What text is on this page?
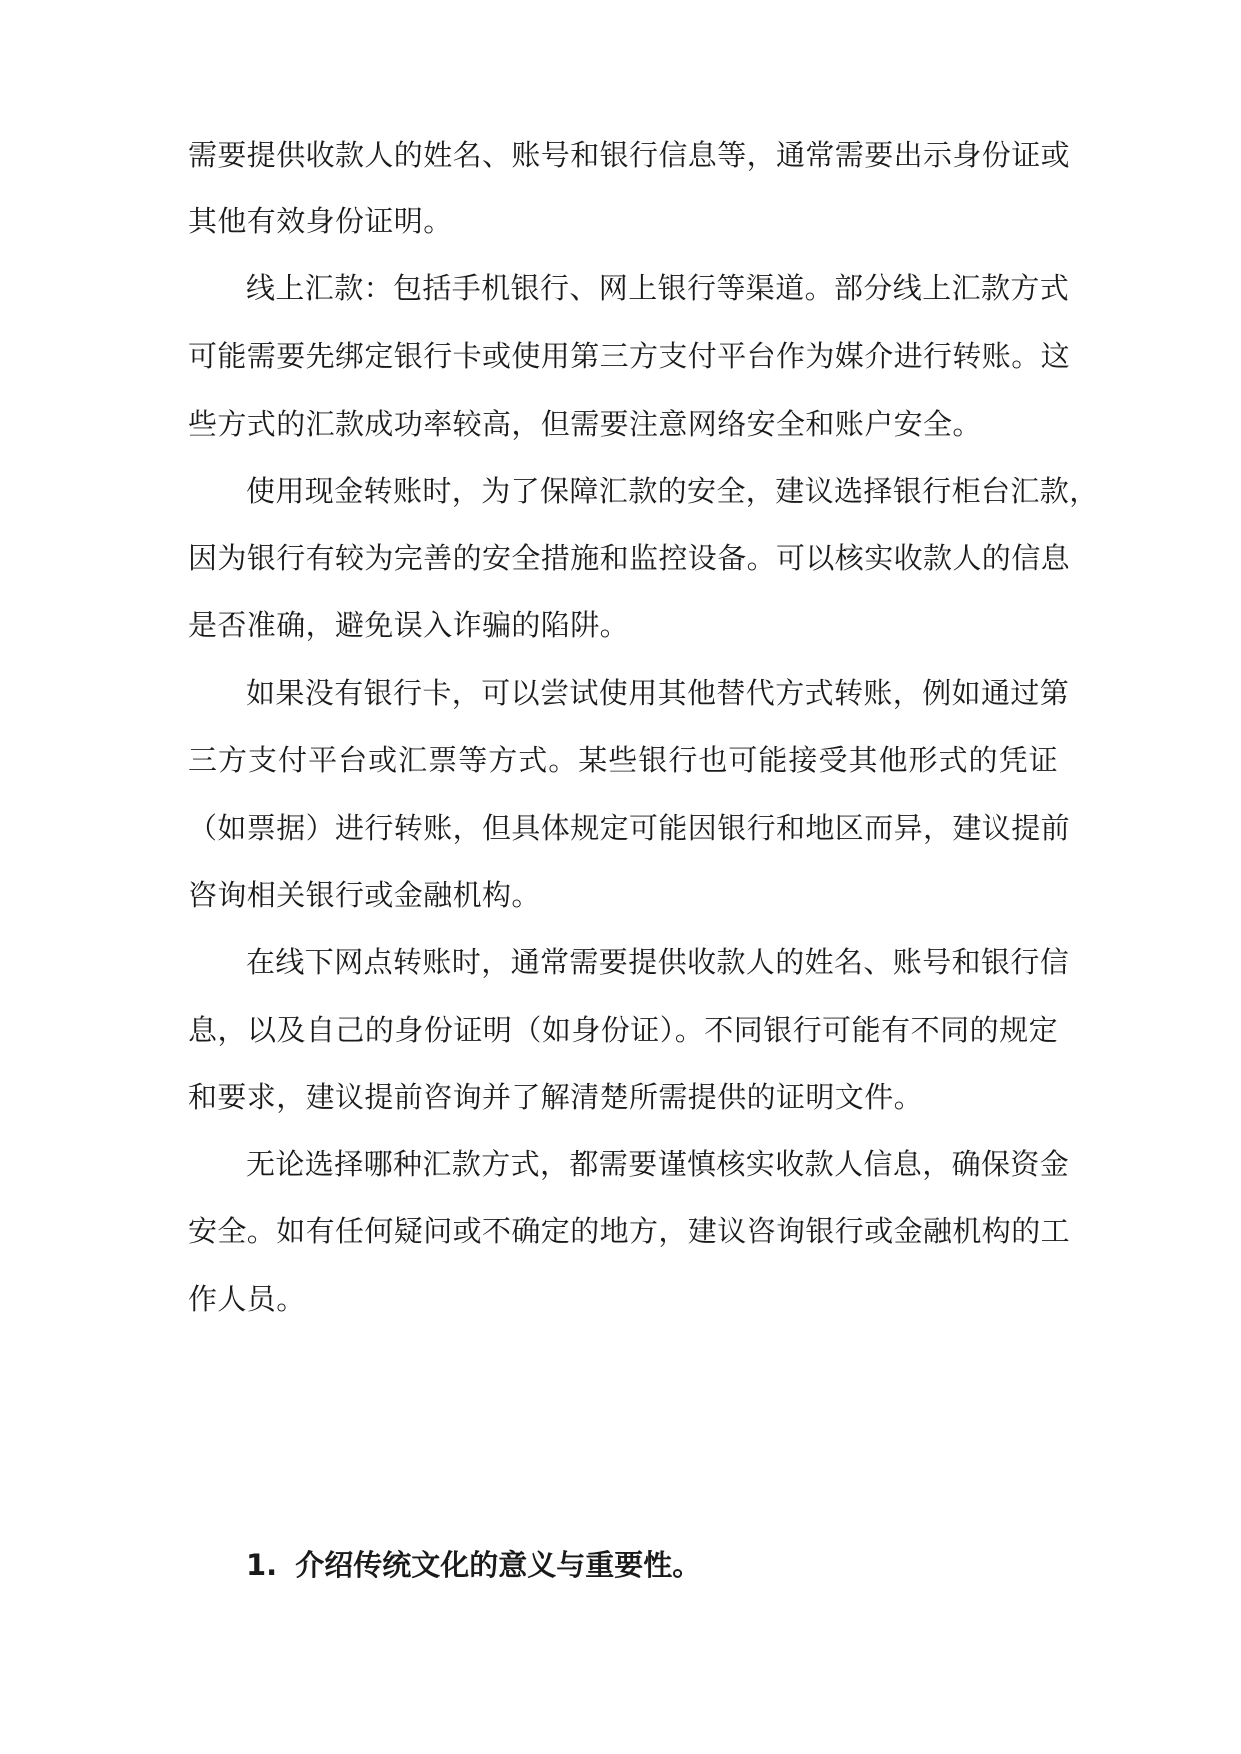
需要提供收款人的姓名、账号和银行信息等，通常需要出示身份证或
其他有效身份证明。
线上汇款：包括手机银行、网上银行等渠道。部分线上汇款方式
可能需要先绑定银行卡或使用第三方支付平台作为媒介进行转账。这
些方式的汇款成功率较高，但需要注意网络安全和账户安全。
使用现金转账时，为了保障汇款的安全，建议选择银行柜台汇款，
因为银行有较为完善的安全措施和监控设备。可以核实收款人的信息
是否准确，避免误入诈骗的陷阱。
如果没有银行卡，可以尝试使用其他替代方式转账，例如通过第
三方支付平台或汇票等方式。某些银行也可能接受其他形式的凭证
（如票据）进行转账，但具体规定可能因银行和地区而异，建议提前
咨询相关银行或金融机构。
在线下网点转账时，通常需要提供收款人的姓名、账号和银行信
息，以及自己的身份证明（如身份证）。不同银行可能有不同的规定
和要求，建议提前咨询并了解清楚所需提供的证明文件。
无论选择哪种汇款方式，都需要谨慎核实收款人信息，确保资金
安全。如有任何疑问或不确定的地方，建议咨询银行或金融机构的工
作人员。
1. 介绍传统文化的意义与重要性。
